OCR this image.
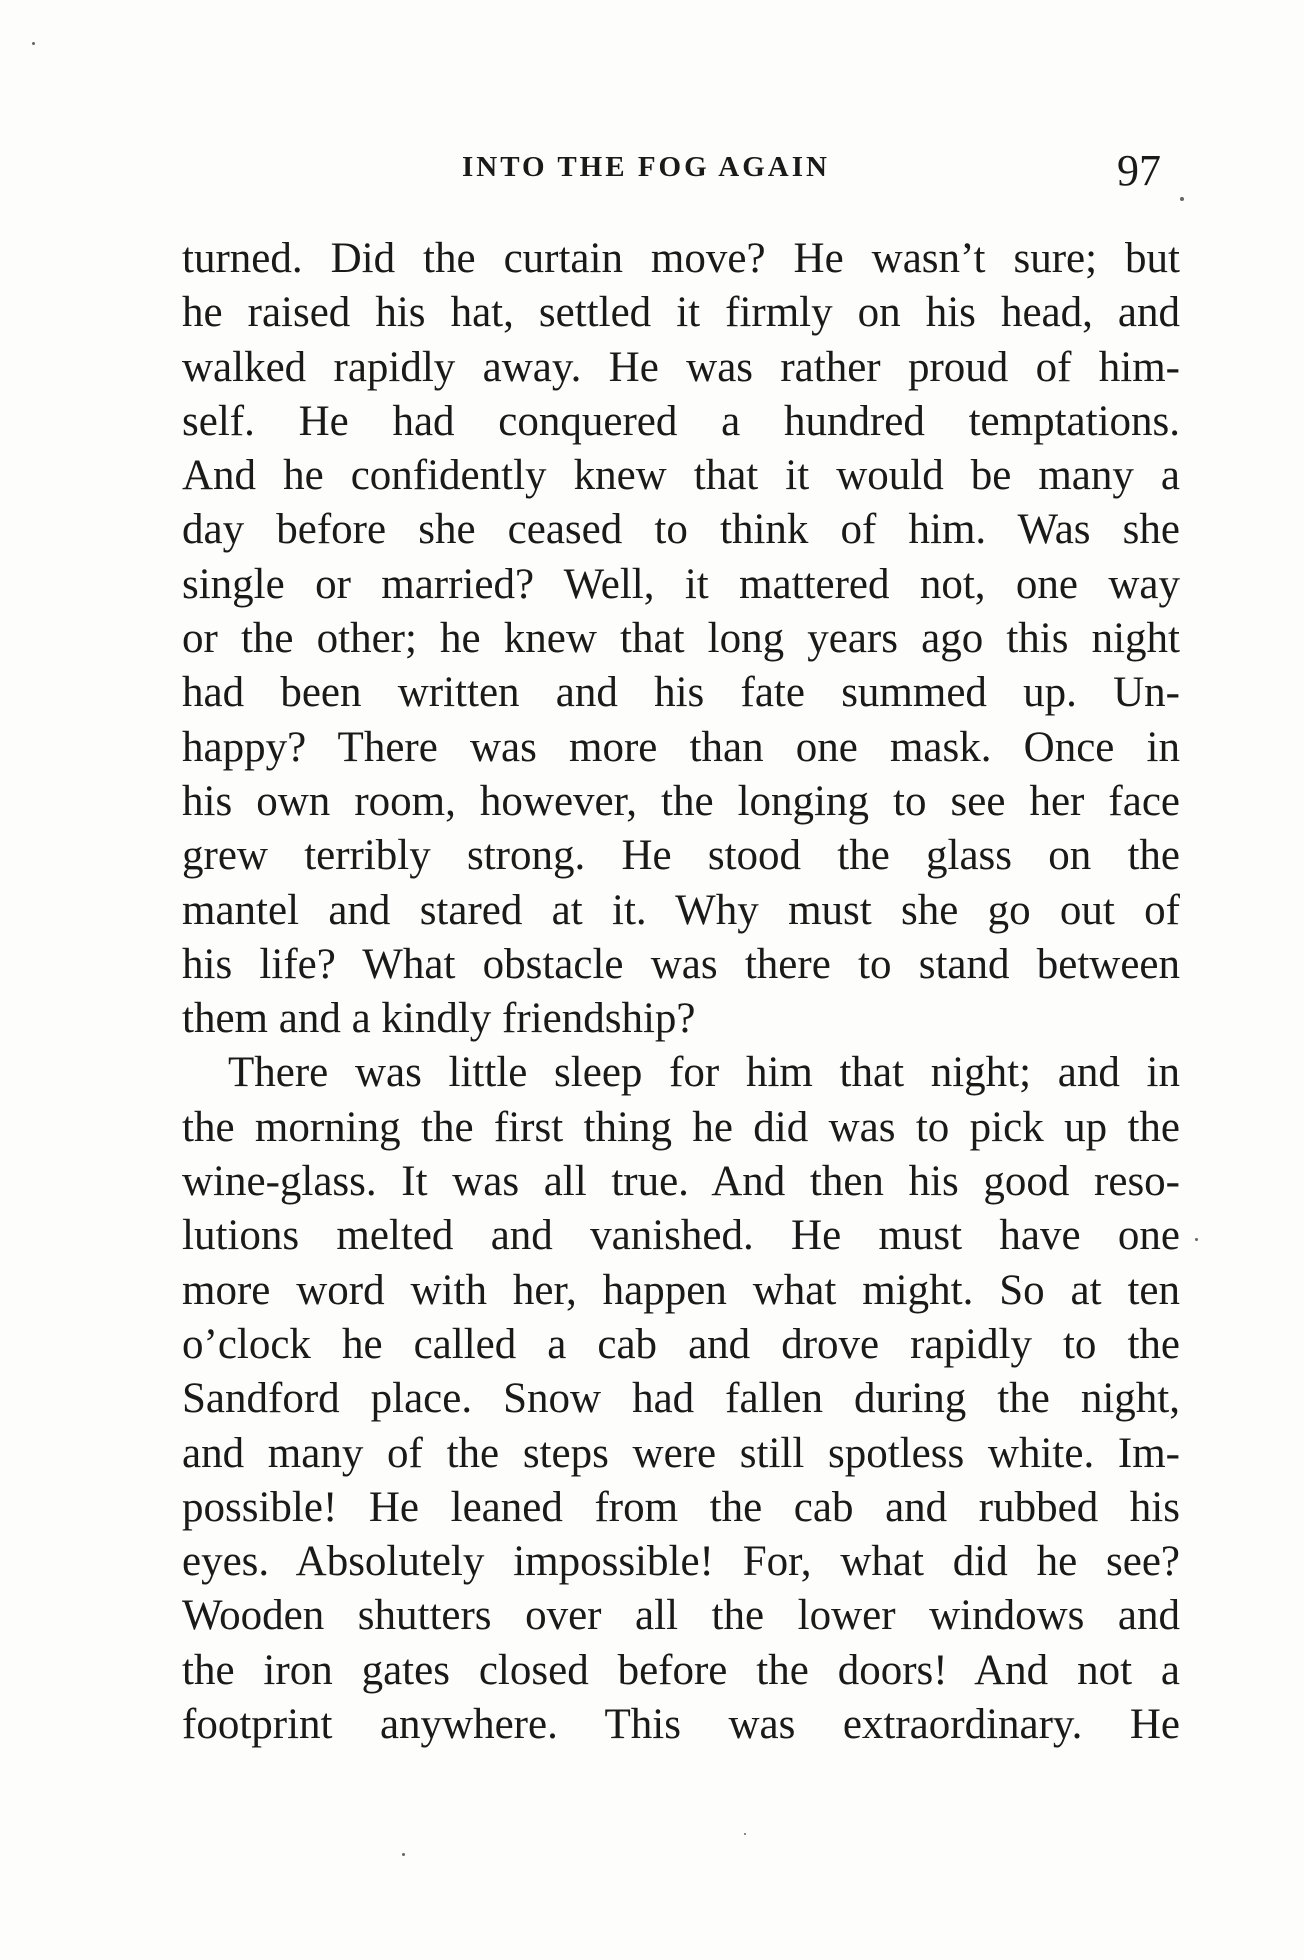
INTO THE FOG AGAIN	97

turned. Did the curtain move? He wasn’t sure; but
he raised his hat, settled it firmly on his head, and
walked rapidly away. He was rather proud of him-
self. He had conquered a hundred temptations.
And he confidently knew that it would be many a
day before she ceased to think of him. Was she
single or married? Well, it mattered not, one way
or the other; he knew that long years ago this night
had been written and his fate summed up. Un-
happy? There was more than one mask. Once in
his own room, however, the longing to see her face
grew terribly strong. He stood the glass on the
mantel and stared at it. Why must she go out of
his life? What obstacle was there to stand between
them and a kindly friendship?

There was little sleep for him that night; and in
the morning the first thing he did was to pick up the
wine-glass. It was all true. And then his good reso-
lutions melted and vanished. He must have one
more word with her, happen what might. So at ten
o’clock he called a cab and drove rapidly to the
Sandford place. Snow had fallen during the night,
and many of the steps were still spotless white. Im-
possible! He leaned from the cab and rubbed his
eyes. Absolutely impossible! For, what did he see?
Wooden shutters over all the lower windows and
the iron gates closed before the doors! And not a
footprint anywhere. This was extraordinary. He
